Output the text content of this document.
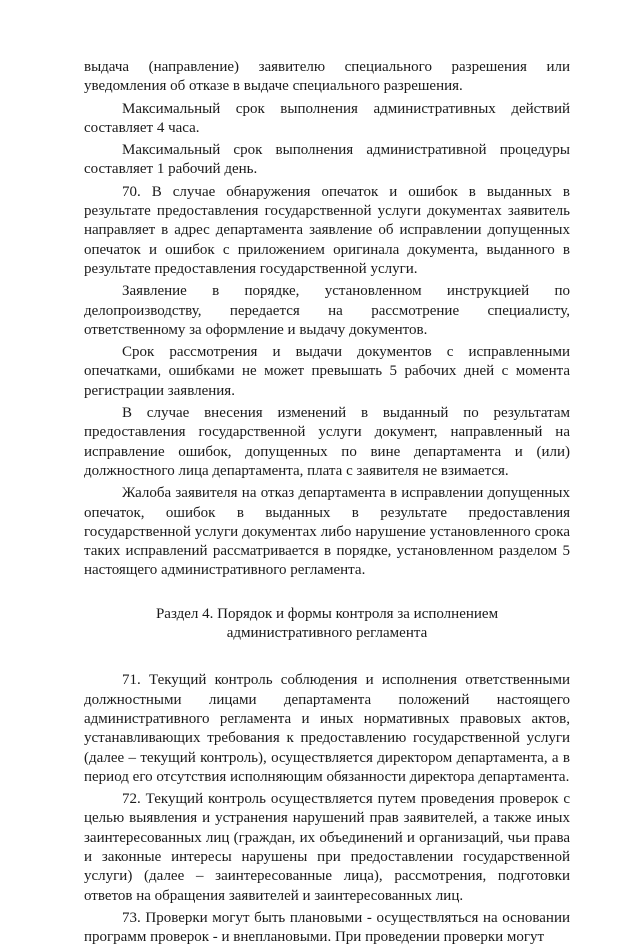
выдача (направление) заявителю специального разрешения или уведомления об отказе в выдаче специального разрешения.

Максимальный срок выполнения административных действий составляет 4 часа.

Максимальный срок выполнения административной процедуры составляет 1 рабочий день.

70. В случае обнаружения опечаток и ошибок в выданных в результате предоставления государственной услуги документах заявитель направляет в адрес департамента заявление об исправлении допущенных опечаток и ошибок с приложением оригинала документа, выданного в результате предоставления государственной услуги.

Заявление в порядке, установленном инструкцией по делопроизводству, передается на рассмотрение специалисту, ответственному за оформление и выдачу документов.

Срок рассмотрения и выдачи документов с исправленными опечатками, ошибками не может превышать 5 рабочих дней с момента регистрации заявления.

В случае внесения изменений в выданный по результатам предоставления государственной услуги документ, направленный на исправление ошибок, допущенных по вине департамента и (или) должностного лица департамента, плата с заявителя не взимается.

Жалоба заявителя на отказ департамента в исправлении допущенных опечаток, ошибок в выданных в результате предоставления государственной услуги документах либо нарушение установленного срока таких исправлений рассматривается в порядке, установленном разделом 5 настоящего административного регламента.

Раздел 4. Порядок и формы контроля за исполнением
административного регламента

71. Текущий контроль соблюдения и исполнения ответственными должностными лицами департамента положений настоящего административного регламента и иных нормативных правовых актов, устанавливающих требования к предоставлению государственной услуги (далее – текущий контроль), осуществляется директором департамента, а в период его отсутствия исполняющим обязанности директора департамента.

72. Текущий контроль осуществляется путем проведения проверок с целью выявления и устранения нарушений прав заявителей, а также иных заинтересованных лиц (граждан, их объединений и организаций, чьи права и законные интересы нарушены при предоставлении государственной услуги) (далее – заинтересованные лица), рассмотрения, подготовки ответов на обращения заявителей и заинтересованных лиц.

73. Проверки могут быть плановыми - осуществляться на основании программ проверок - и внеплановыми. При проведении проверки могут
